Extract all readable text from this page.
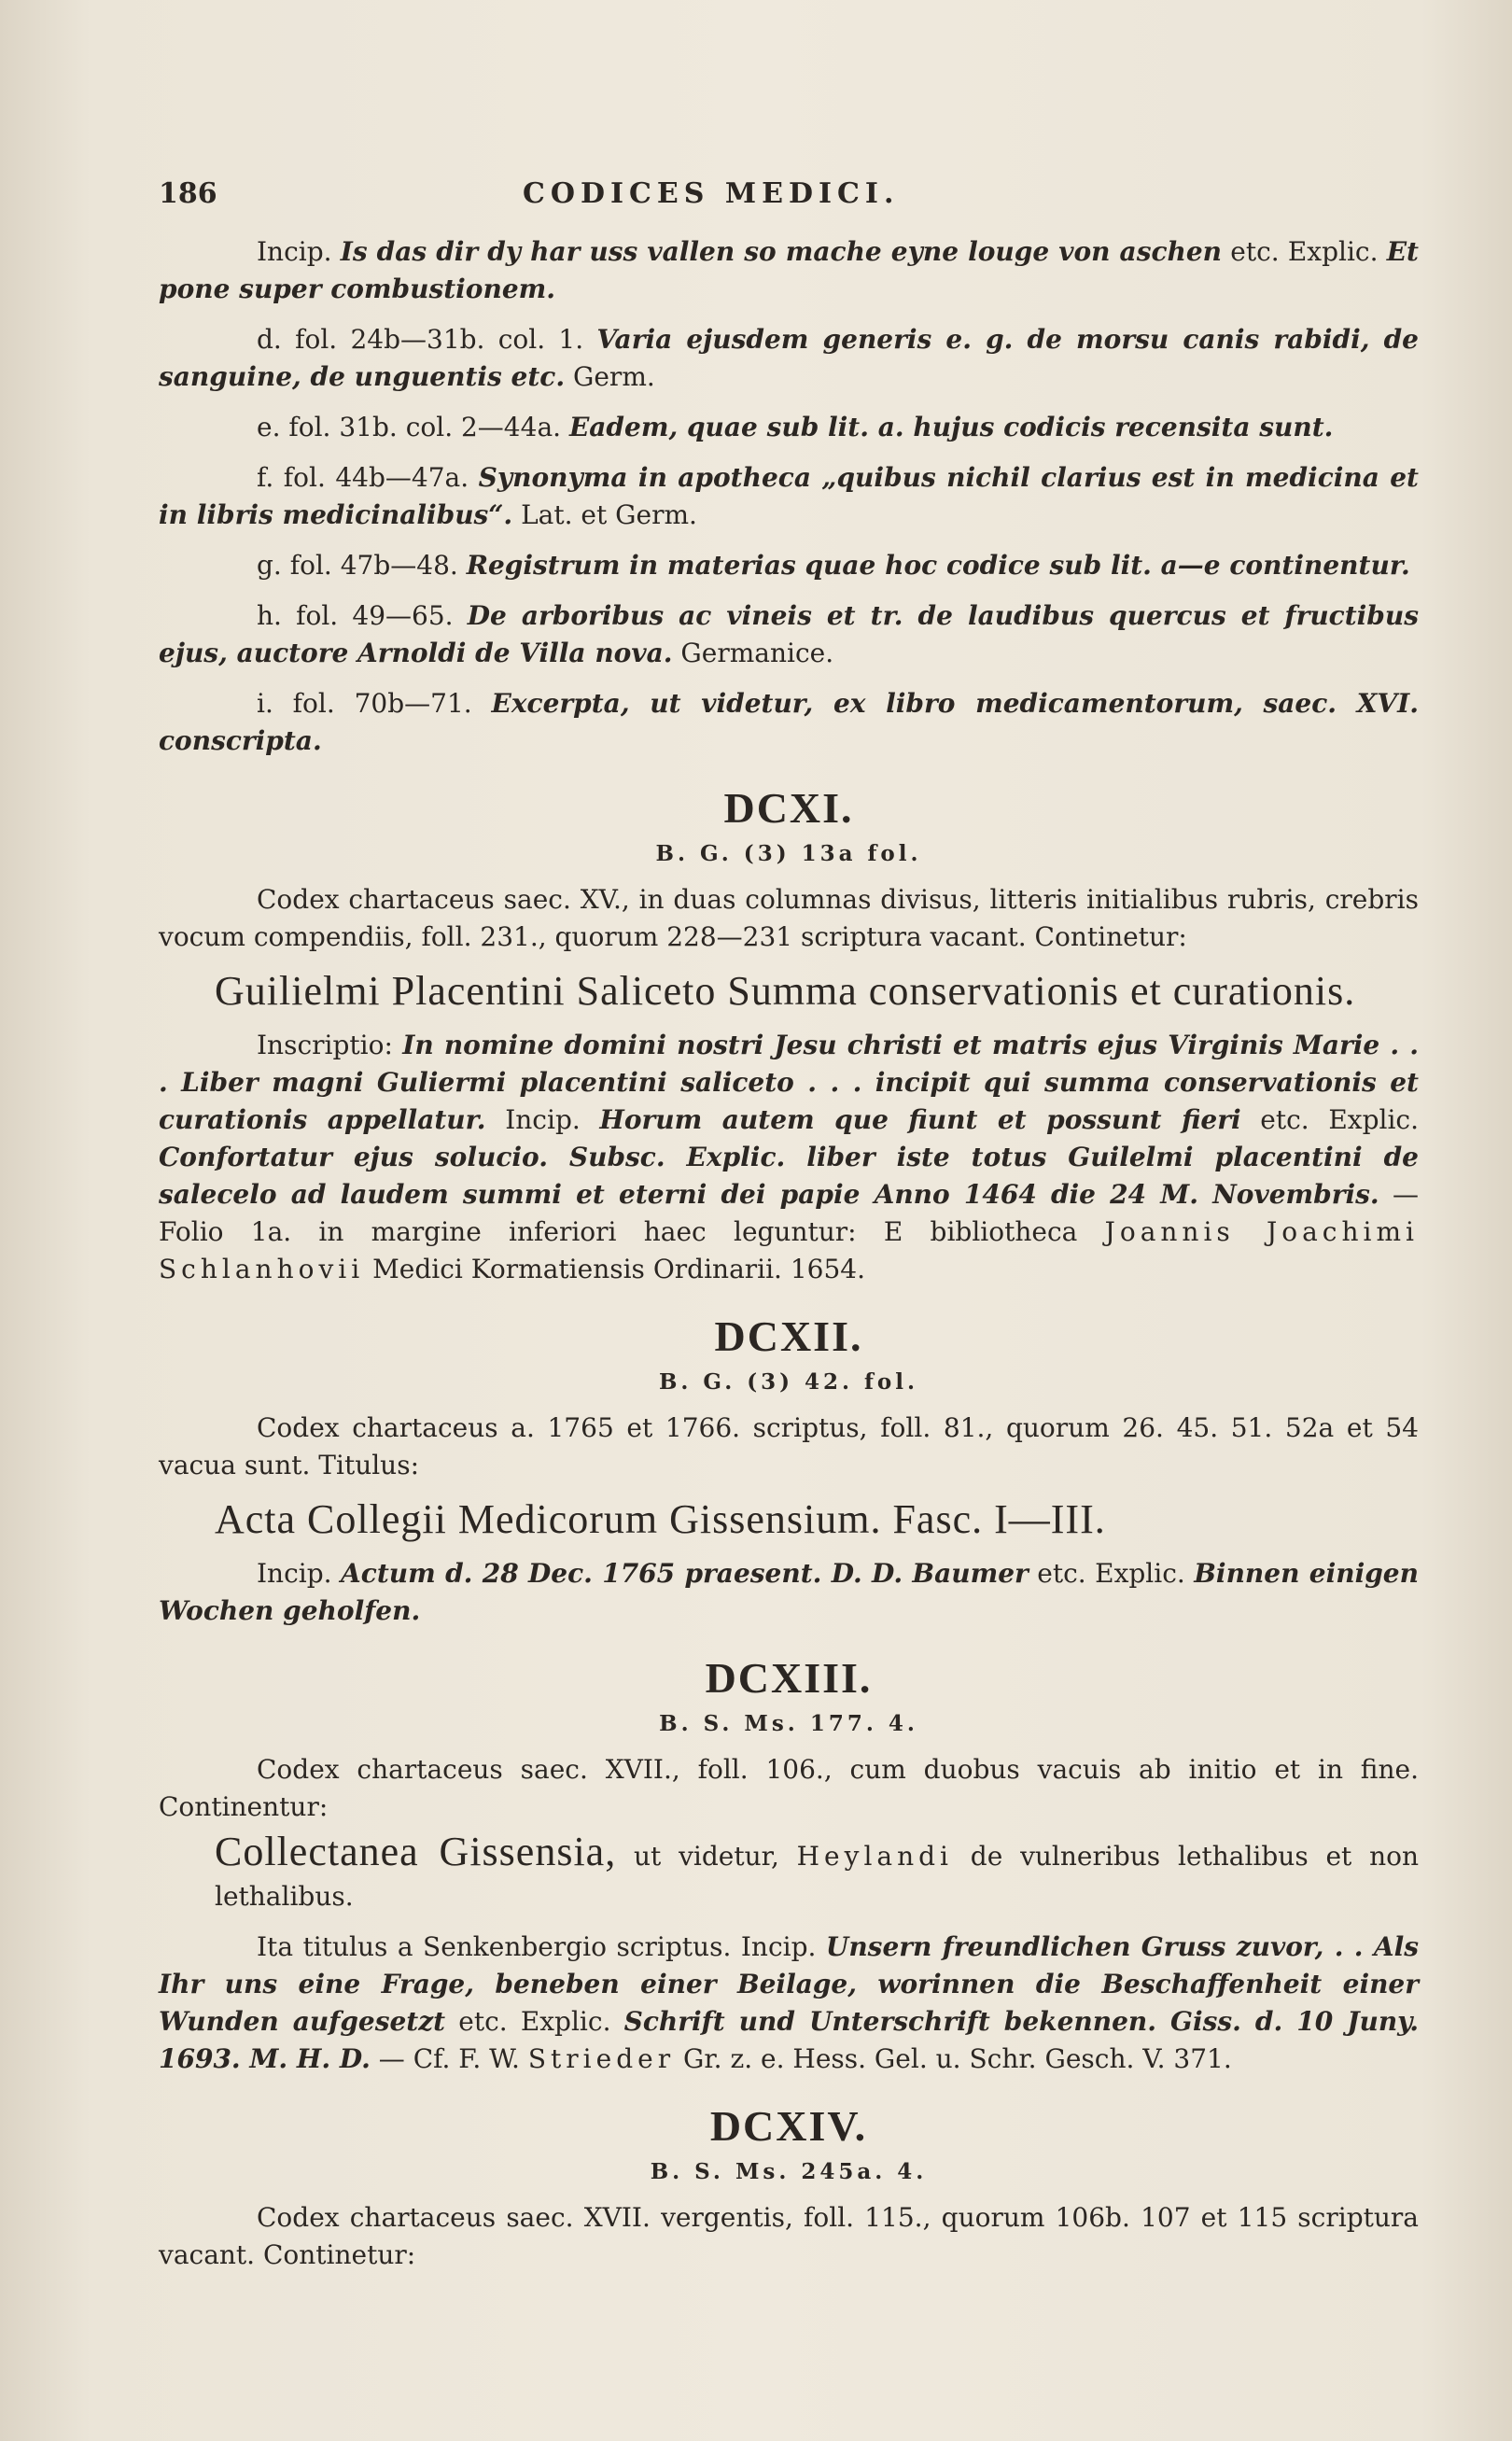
186	CODICES MEDICI.

Incip. Is das dir dy har uss vallen so mache eyne louge von aschen etc. Explic. Et pone super combustionem.

d. fol. 24b—31b. col. 1. Varia ejusdem generis e. g. de morsu canis rabidi, de sanguine, de unguentis etc. Germ.

e. fol. 31b. col. 2—44a. Eadem, quae sub lit. a. hujus codicis recensita sunt.

f. fol. 44b—47a. Synonyma in apotheca „quibus nichil clarius est in medicina et in libris medicinalibus“. Lat. et Germ.

g. fol. 47b—48. Registrum in materias quae hoc codice sub lit. a—e continentur.

h. fol. 49—65. De arboribus ac vineis et tr. de laudibus quercus et fructibus ejus, auctore Arnoldi de Villa nova. Germanice.

i. fol. 70b—71. Excerpta, ut videtur, ex libro medicamentorum, saec. XVI. conscripta.

DCXI.
B. G. (3) 13a fol.

Codex chartaceus saec. XV., in duas columnas divisus, litteris initialibus rubris, crebris vocum compendiis, foll. 231., quorum 228—231 scriptura vacant. Continetur:

Guilielmi Placentini Saliceto Summa conservationis et curationis.

Inscriptio: In nomine domini nostri Jesu christi et matris ejus Virginis Marie . . . Liber magni Guliermi placentini saliceto . . . incipit qui summa conservationis et curationis appellatur. Incip. Horum autem que fiunt et possunt fieri etc. Explic. Confortatur ejus solucio. Subsc. Explic. liber iste totus Guilelmi placentini de salecelo ad laudem summi et eterni dei papie Anno 1464 die 24 M. Novembris. — Folio 1a. in margine inferiori haec leguntur: E bibliotheca Joannis Joachimi Schlanhovii Medici Kormatiensis Ordinarii. 1654.

DCXII.
B. G. (3) 42. fol.

Codex chartaceus a. 1765 et 1766. scriptus, foll. 81., quorum 26. 45. 51. 52a et 54 vacua sunt. Titulus:

Acta Collegii Medicorum Gissensium. Fasc. I—III.

Incip. Actum d. 28 Dec. 1765 praesent. D. D. Baumer etc. Explic. Binnen einigen Wochen geholfen.

DCXIII.
B. S. Ms. 177. 4.

Codex chartaceus saec. XVII., foll. 106., cum duobus vacuis ab initio et in fine. Continentur:

Collectanea Gissensia, ut videtur, Heylandi de vulneribus lethalibus et non lethalibus.

Ita titulus a Senkenbergio scriptus. Incip. Unsern freundlichen Gruss zuvor, . . Als Ihr uns eine Frage, beneben einer Beilage, worinnen die Beschaffenheit einer Wunden aufgesetzt etc. Explic. Schrift und Unterschrift bekennen. Giss. d. 10 Juny. 1693. M. H. D. — Cf. F. W. Strieder Gr. z. e. Hess. Gel. u. Schr. Gesch. V. 371.

DCXIV.
B. S. Ms. 245a. 4.

Codex chartaceus saec. XVII. vergentis, foll. 115., quorum 106b. 107 et 115 scriptura vacant. Continetur:
